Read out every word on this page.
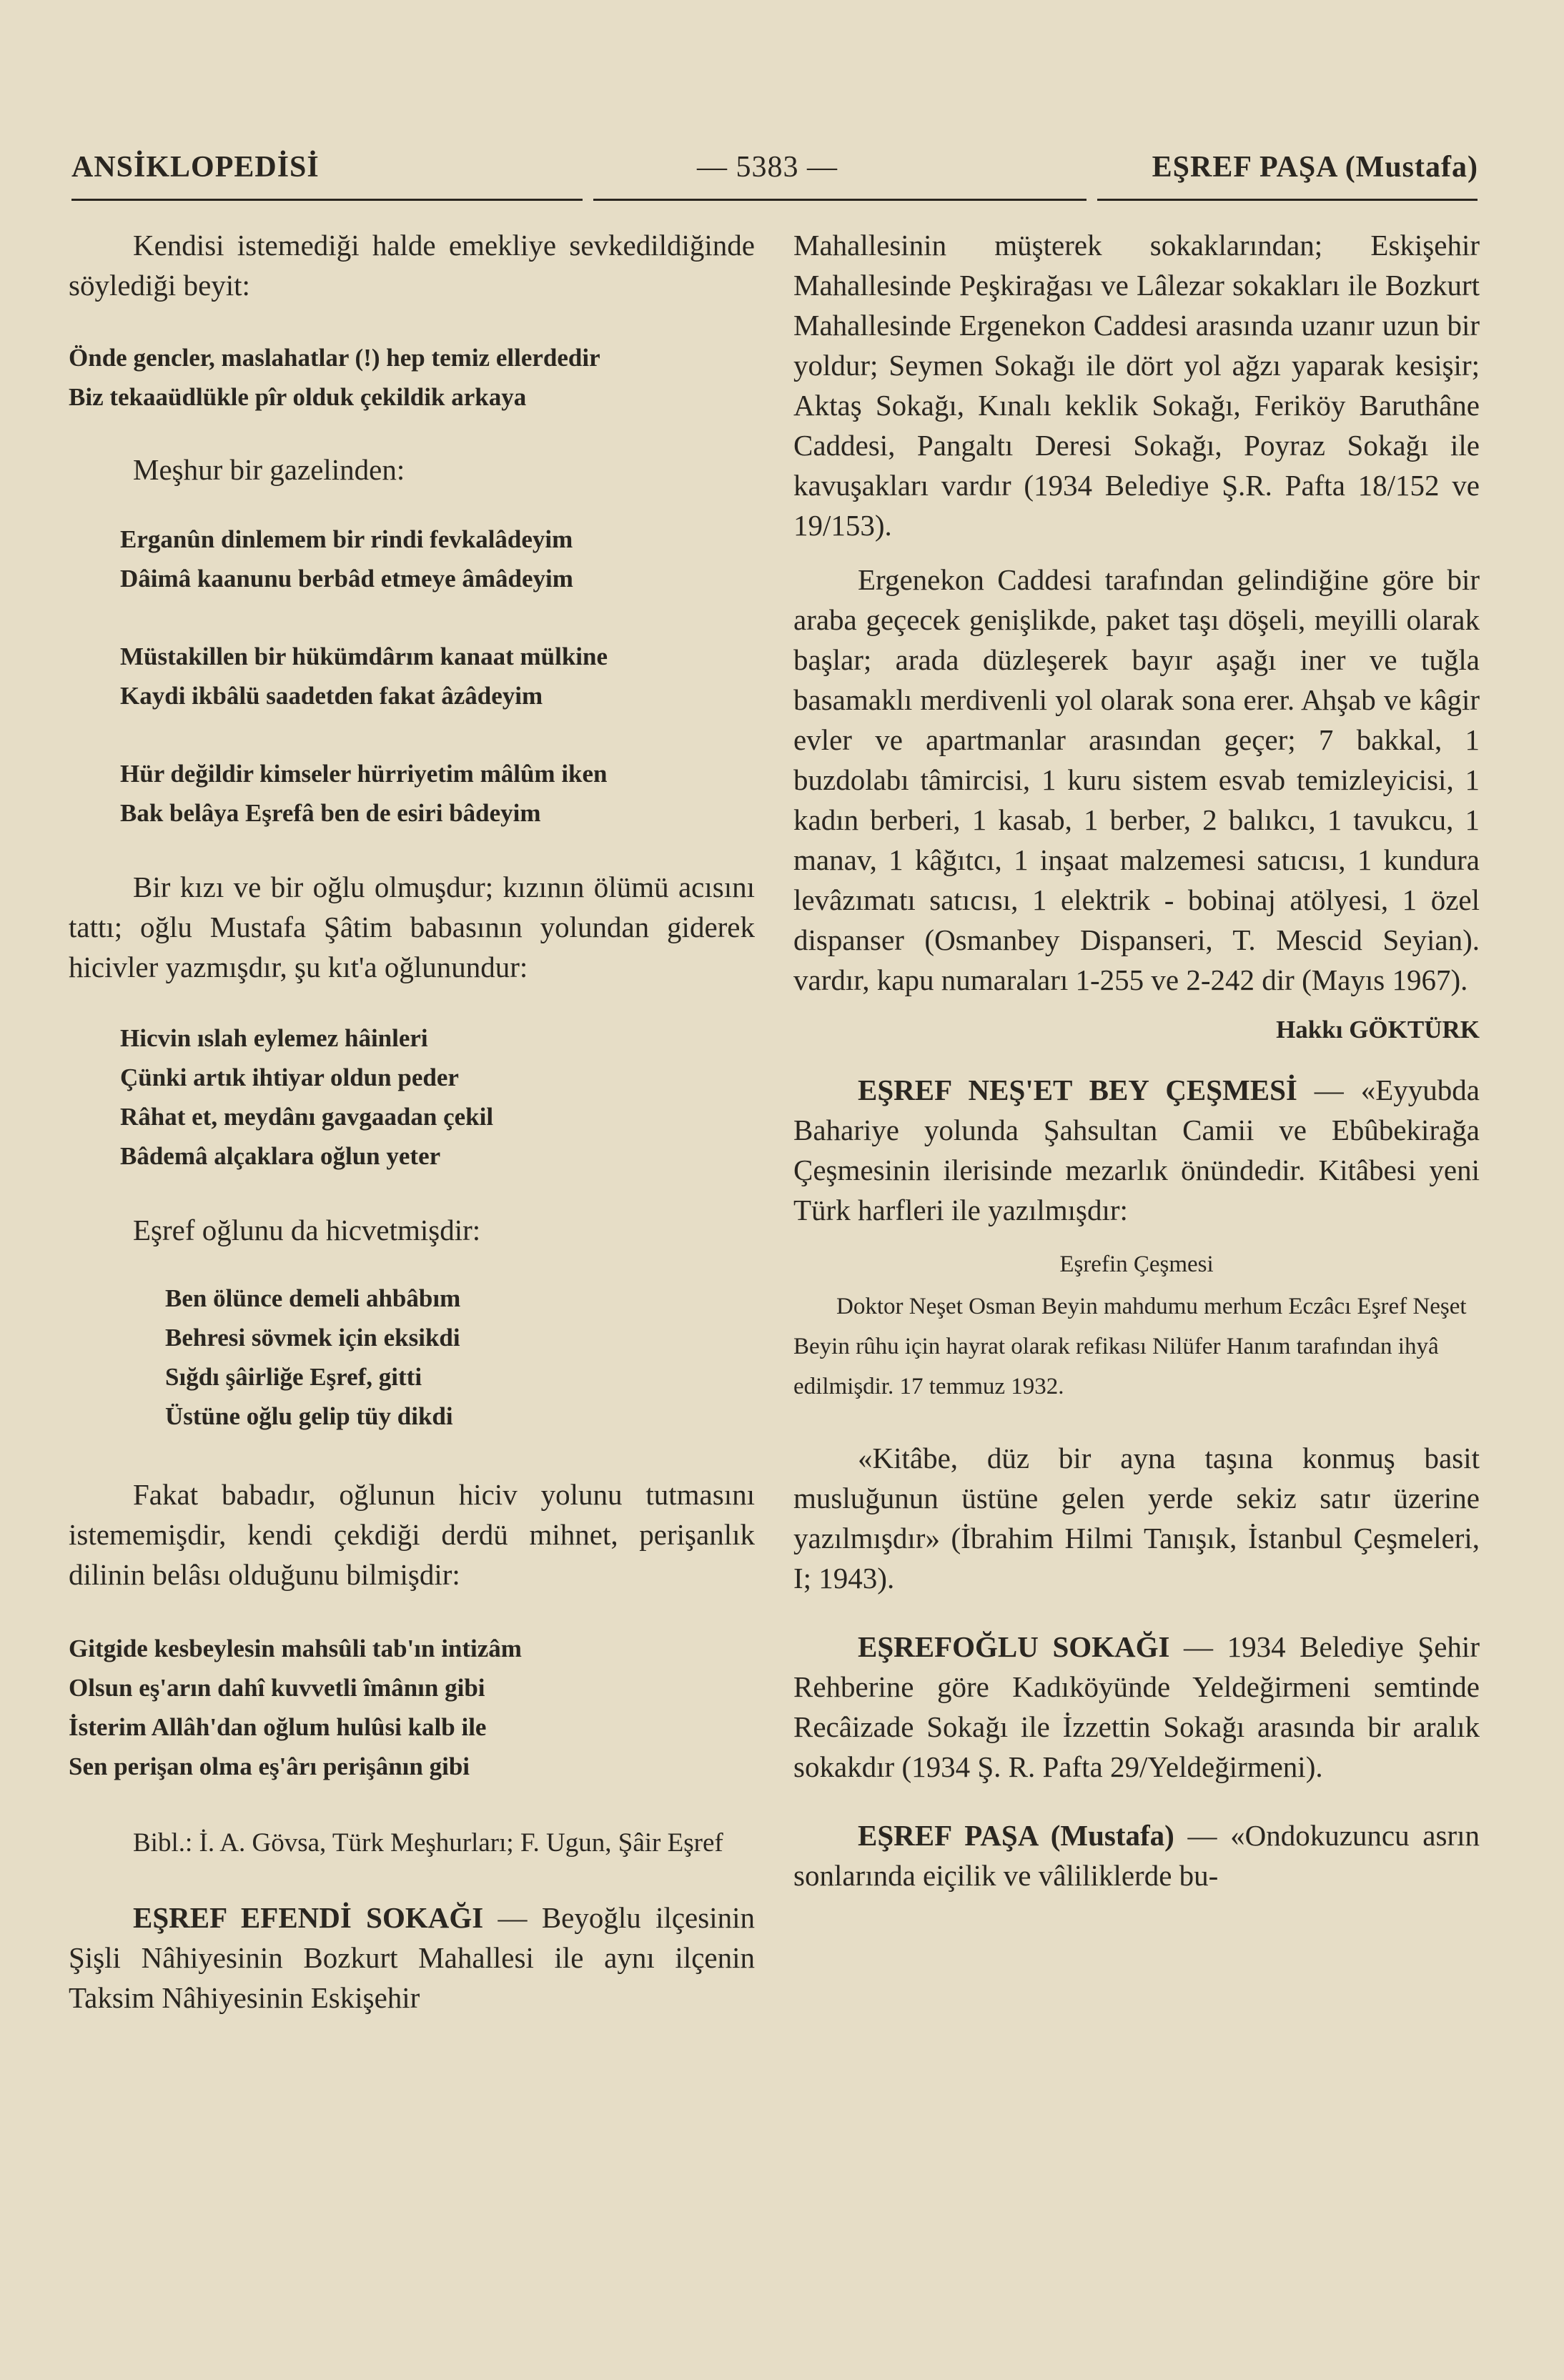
ANSİKLOPEDİSİ	— 5383 —	EŞREF PAŞA (Mustafa)

Kendisi istemediği halde emekliye sevkedildiğinde söylediği beyit:

Önde gencler, maslahatlar (!) hep temiz ellerdedir
Biz tekaaüdlükle pîr olduk çekildik arkaya

Meşhur bir gazelinden:

Erganûn dinlemem bir rindi fevkalâdeyim
Dâimâ kaanunu berbâd etmeye âmâdeyim
Müstakillen bir hükümdârım kanaat mülkine
Kaydi ikbâlü saadetden fakat âzâdeyim
Hür değildir kimseler hürriyetim mâlûm iken
Bak belâya Eşrefâ ben de esiri bâdeyim

Bir kızı ve bir oğlu olmuşdur; kızının ölümü acısını tattı; oğlu Mustafa Şâtim babasının yolundan giderek hicivler yazmışdır, şu kıt'a oğlunundur:

Hicvin ıslah eylemez hâinleri
Çünki artık ihtiyar oldun peder
Râhat et, meydânı gavgaadan çekil
Bâdemâ alçaklara oğlun yeter

Eşref oğlunu da hicvetmişdir:

Ben ölünce demeli ahbâbım
Behresi sövmek için eksikdi
Sığdı şâirliğe Eşref, gitti
Üstüne oğlu gelip tüy dikdi

Fakat babadır, oğlunun hiciv yolunu tutmasını istememişdir, kendi çekdiği derdü mihnet, perişanlık dilinin belâsı olduğunu bilmişdir:

Gitgide kesbeylesin mahsûli tab'ın intizâm
Olsun eş'arın dahî kuvvetli îmânın gibi
İsterim Allâh'dan oğlum hulûsi kalb ile
Sen perişan olma eş'ârı perişânın gibi

Bibl.: İ. A. Gövsa, Türk Meşhurları; F. Ugun, Şâir Eşref

EŞREF EFENDİ SOKAĞI — Beyoğlu ilçesinin Şişli Nâhiyesinin Bozkurt Mahallesi ile aynı ilçenin Taksim Nâhiyesinin Eskişehir

Mahallesinin müşterek sokaklarından; Eskişehir Mahallesinde Peşkirağası ve Lâlezar sokakları ile Bozkurt Mahallesinde Ergenekon Caddesi arasında uzanır uzun bir yoldur; Seymen Sokağı ile dört yol ağzı yaparak kesişir; Aktaş Sokağı, Kınalı keklik Sokağı, Feriköy Baruthâne Caddesi, Pangaltı Deresi Sokağı, Poyraz Sokağı ile kavuşakları vardır (1934 Belediye Ş.R. Pafta 18/152 ve 19/153).

Ergenekon Caddesi tarafından gelindiğine göre bir araba geçecek genişlikde, paket taşı döşeli, meyilli olarak başlar; arada düzleşerek bayır aşağı iner ve tuğla basamaklı merdivenli yol olarak sona erer. Ahşab ve kâgir evler ve apartmanlar arasından geçer; 7 bakkal, 1 buzdolabı tâmircisi, 1 kuru sistem esvab temizleyicisi, 1 kadın berberi, 1 kasab, 1 berber, 2 balıkcı, 1 tavukcu, 1 manav, 1 kâğıtcı, 1 inşaat malzemesi satıcısı, 1 kundura levâzımatı satıcısı, 1 elektrik - bobinaj atölyesi, 1 özel dispanser (Osmanbey Dispanseri, T. Mescid Seyian). vardır, kapu numaraları 1-255 ve 2-242 dir (Mayıs 1967).

Hakkı GÖKTÜRK

EŞREF NEŞ'ET BEY ÇEŞMESİ — «Eyyubda Bahariye yolunda Şahsultan Camii ve Ebûbekirağa Çeşmesinin ilerisinde mezarlık önündedir. Kitâbesi yeni Türk harfleri ile yazılmışdır:

Eşrefin Çeşmesi

Doktor Neşet Osman Beyin mahdumu merhum Eczâcı Eşref Neşet Beyin rûhu için hayrat olarak refikası Nilüfer Hanım tarafından ihyâ edilmişdir. 17 temmuz 1932.

«Kitâbe, düz bir ayna taşına konmuş basit musluğunun üstüne gelen yerde sekiz satır üzerine yazılmışdır» (İbrahim Hilmi Tanışık, İstanbul Çeşmeleri, I; 1943).

EŞREFOĞLU SOKAĞI — 1934 Belediye Şehir Rehberine göre Kadıköyünde Yeldeğirmeni semtinde Recâizade Sokağı ile İzzettin Sokağı arasında bir aralık sokakdır (1934 Ş. R. Pafta 29/Yeldeğirmeni).

EŞREF PAŞA (Mustafa) — «Ondokuzuncu asrın sonlarında eiçilik ve vâliliklerde bu-
